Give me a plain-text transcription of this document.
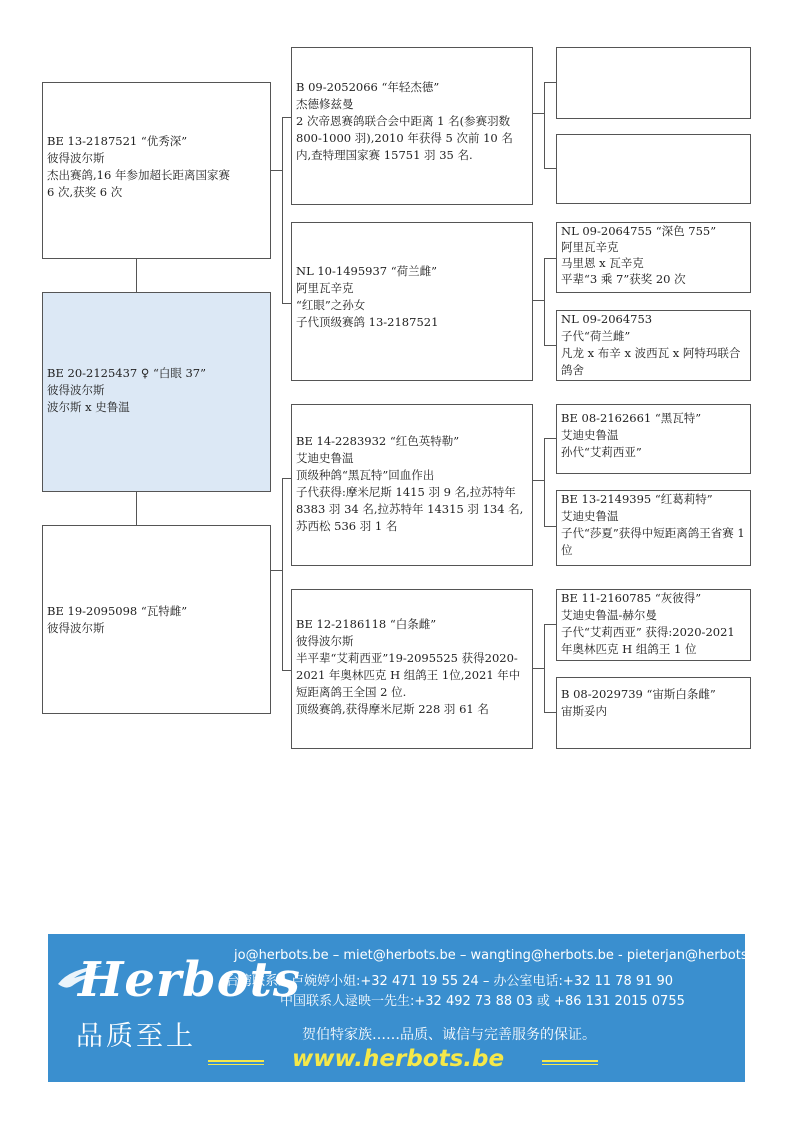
BE 13-2187521 “优秀深”
彼得波尔斯
杰出赛鸽,16 年参加超长距离国家赛
6 次,获奖 6 次
BE 20-2125437 ♀ “白眼 37”
彼得波尔斯
波尔斯 x 史鲁温
BE 19-2095098 “瓦特雌”
彼得波尔斯
B 09-2052066 “年轻杰德”
杰德修兹曼
2 次帝恩赛鸽联合会中距离 1 名(参赛羽数800-1000 羽),2010 年获得 5 次前 10 名内,查特理国家赛 15751 羽 35 名.
NL 10-1495937 “荷兰雌”
阿里瓦辛克
“红眼”之孙女
子代顶级赛鸽 13-2187521
BE 14-2283932 “红色英特勒”
艾迪史鲁温
顶级种鸽“黑瓦特”回血作出
子代获得:摩米尼斯 1415 羽 9 名,拉苏特年 8383 羽 34 名,拉苏特年 14315 羽 134 名,苏西松 536 羽 1 名
BE 12-2186118 “白条雌”
彼得波尔斯
半平辈“艾莉西亚”19-2095525 获得2020-2021 年奥林匹克 H 组鸽王 1位,2021 年中短距离鸽王全国 2 位.
顶级赛鸽,获得摩米尼斯 228 羽 61 名
NL 09-2064755 “深色 755”
阿里瓦辛克
马里恩 x 瓦辛克
平辈“3 乘 7”获奖 20 次
NL 09-2064753
子代“荷兰雌”
凡龙 x 布辛 x 波西瓦 x 阿特玛联合鸽舍
BE 08-2162661 “黑瓦特”
艾迪史鲁温
孙代“艾莉西亚”
BE 13-2149395 “红葛莉特”
艾迪史鲁温
子代“莎夏”获得中短距离鸽王省赛 1 位
BE 11-2160785 “灰彼得”
艾迪史鲁温-赫尔曼
子代“艾莉西亚” 获得:2020-2021 年奥林匹克 H 组鸽王 1 位
B 08-2029739 “宙斯白条雌”
宙斯妥内
Herbots
品质至上
jo@herbots.be – miet@herbots.be – wangting@herbots.be - pieterjan@herbots.be
台湾联系人卢婉婷小姐:+32 471 19 55 24 – 办公室电话:+32 11 78 91 90
中国联系人逯映一先生:+32 492 73 88 03 或 +86 131 2015 0755
贺伯特家族……品质、诚信与完善服务的保证。
www.herbots.be
